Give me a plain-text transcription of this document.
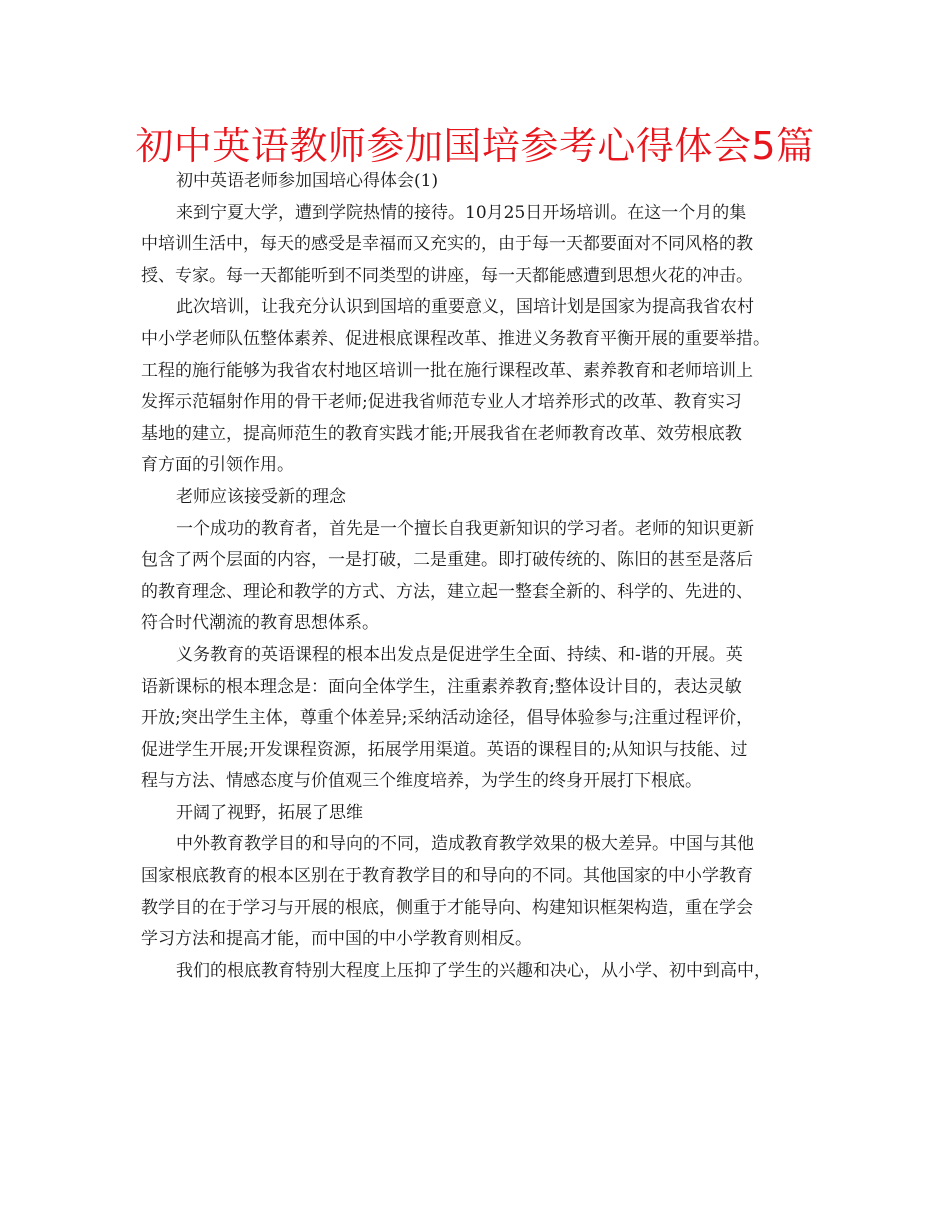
初中英语教师参加国培参考心得体会5篇
初中英语老师参加国培心得体会(1)
来到宁夏大学，遭到学院热情的接待。10月25日开场培训。在这一个月的集
中培训生活中，每天的感受是幸福而又充实的，由于每一天都要面对不同风格的教
授、专家。每一天都能听到不同类型的讲座，每一天都能感遭到思想火花的冲击。
此次培训，让我充分认识到国培的重要意义，国培计划是国家为提高我省农村
中小学老师队伍整体素养、促进根底课程改革、推进义务教育平衡开展的重要举措。
工程的施行能够为我省农村地区培训一批在施行课程改革、素养教育和老师培训上
发挥示范辐射作用的骨干老师;促进我省师范专业人才培养形式的改革、教育实习
基地的建立，提高师范生的教育实践才能;开展我省在老师教育改革、效劳根底教
育方面的引领作用。
老师应该接受新的理念
一个成功的教育者，首先是一个擅长自我更新知识的学习者。老师的知识更新
包含了两个层面的内容，一是打破，二是重建。即打破传统的、陈旧的甚至是落后
的教育理念、理论和教学的方式、方法，建立起一整套全新的、科学的、先进的、
符合时代潮流的教育思想体系。
义务教育的英语课程的根本出发点是促进学生全面、持续、和-谐的开展。英
语新课标的根本理念是：面向全体学生，注重素养教育;整体设计目的，表达灵敏
开放;突出学生主体，尊重个体差异;采纳活动途径，倡导体验参与;注重过程评价，
促进学生开展;开发课程资源，拓展学用渠道。英语的课程目的;从知识与技能、过
程与方法、情感态度与价值观三个维度培养，为学生的终身开展打下根底。
开阔了视野，拓展了思维
中外教育教学目的和导向的不同，造成教育教学效果的极大差异。中国与其他
国家根底教育的根本区别在于教育教学目的和导向的不同。其他国家的中小学教育
教学目的在于学习与开展的根底，侧重于才能导向、构建知识框架构造，重在学会
学习方法和提高才能，而中国的中小学教育则相反。
我们的根底教育特别大程度上压抑了学生的兴趣和决心，从小学、初中到高中，
